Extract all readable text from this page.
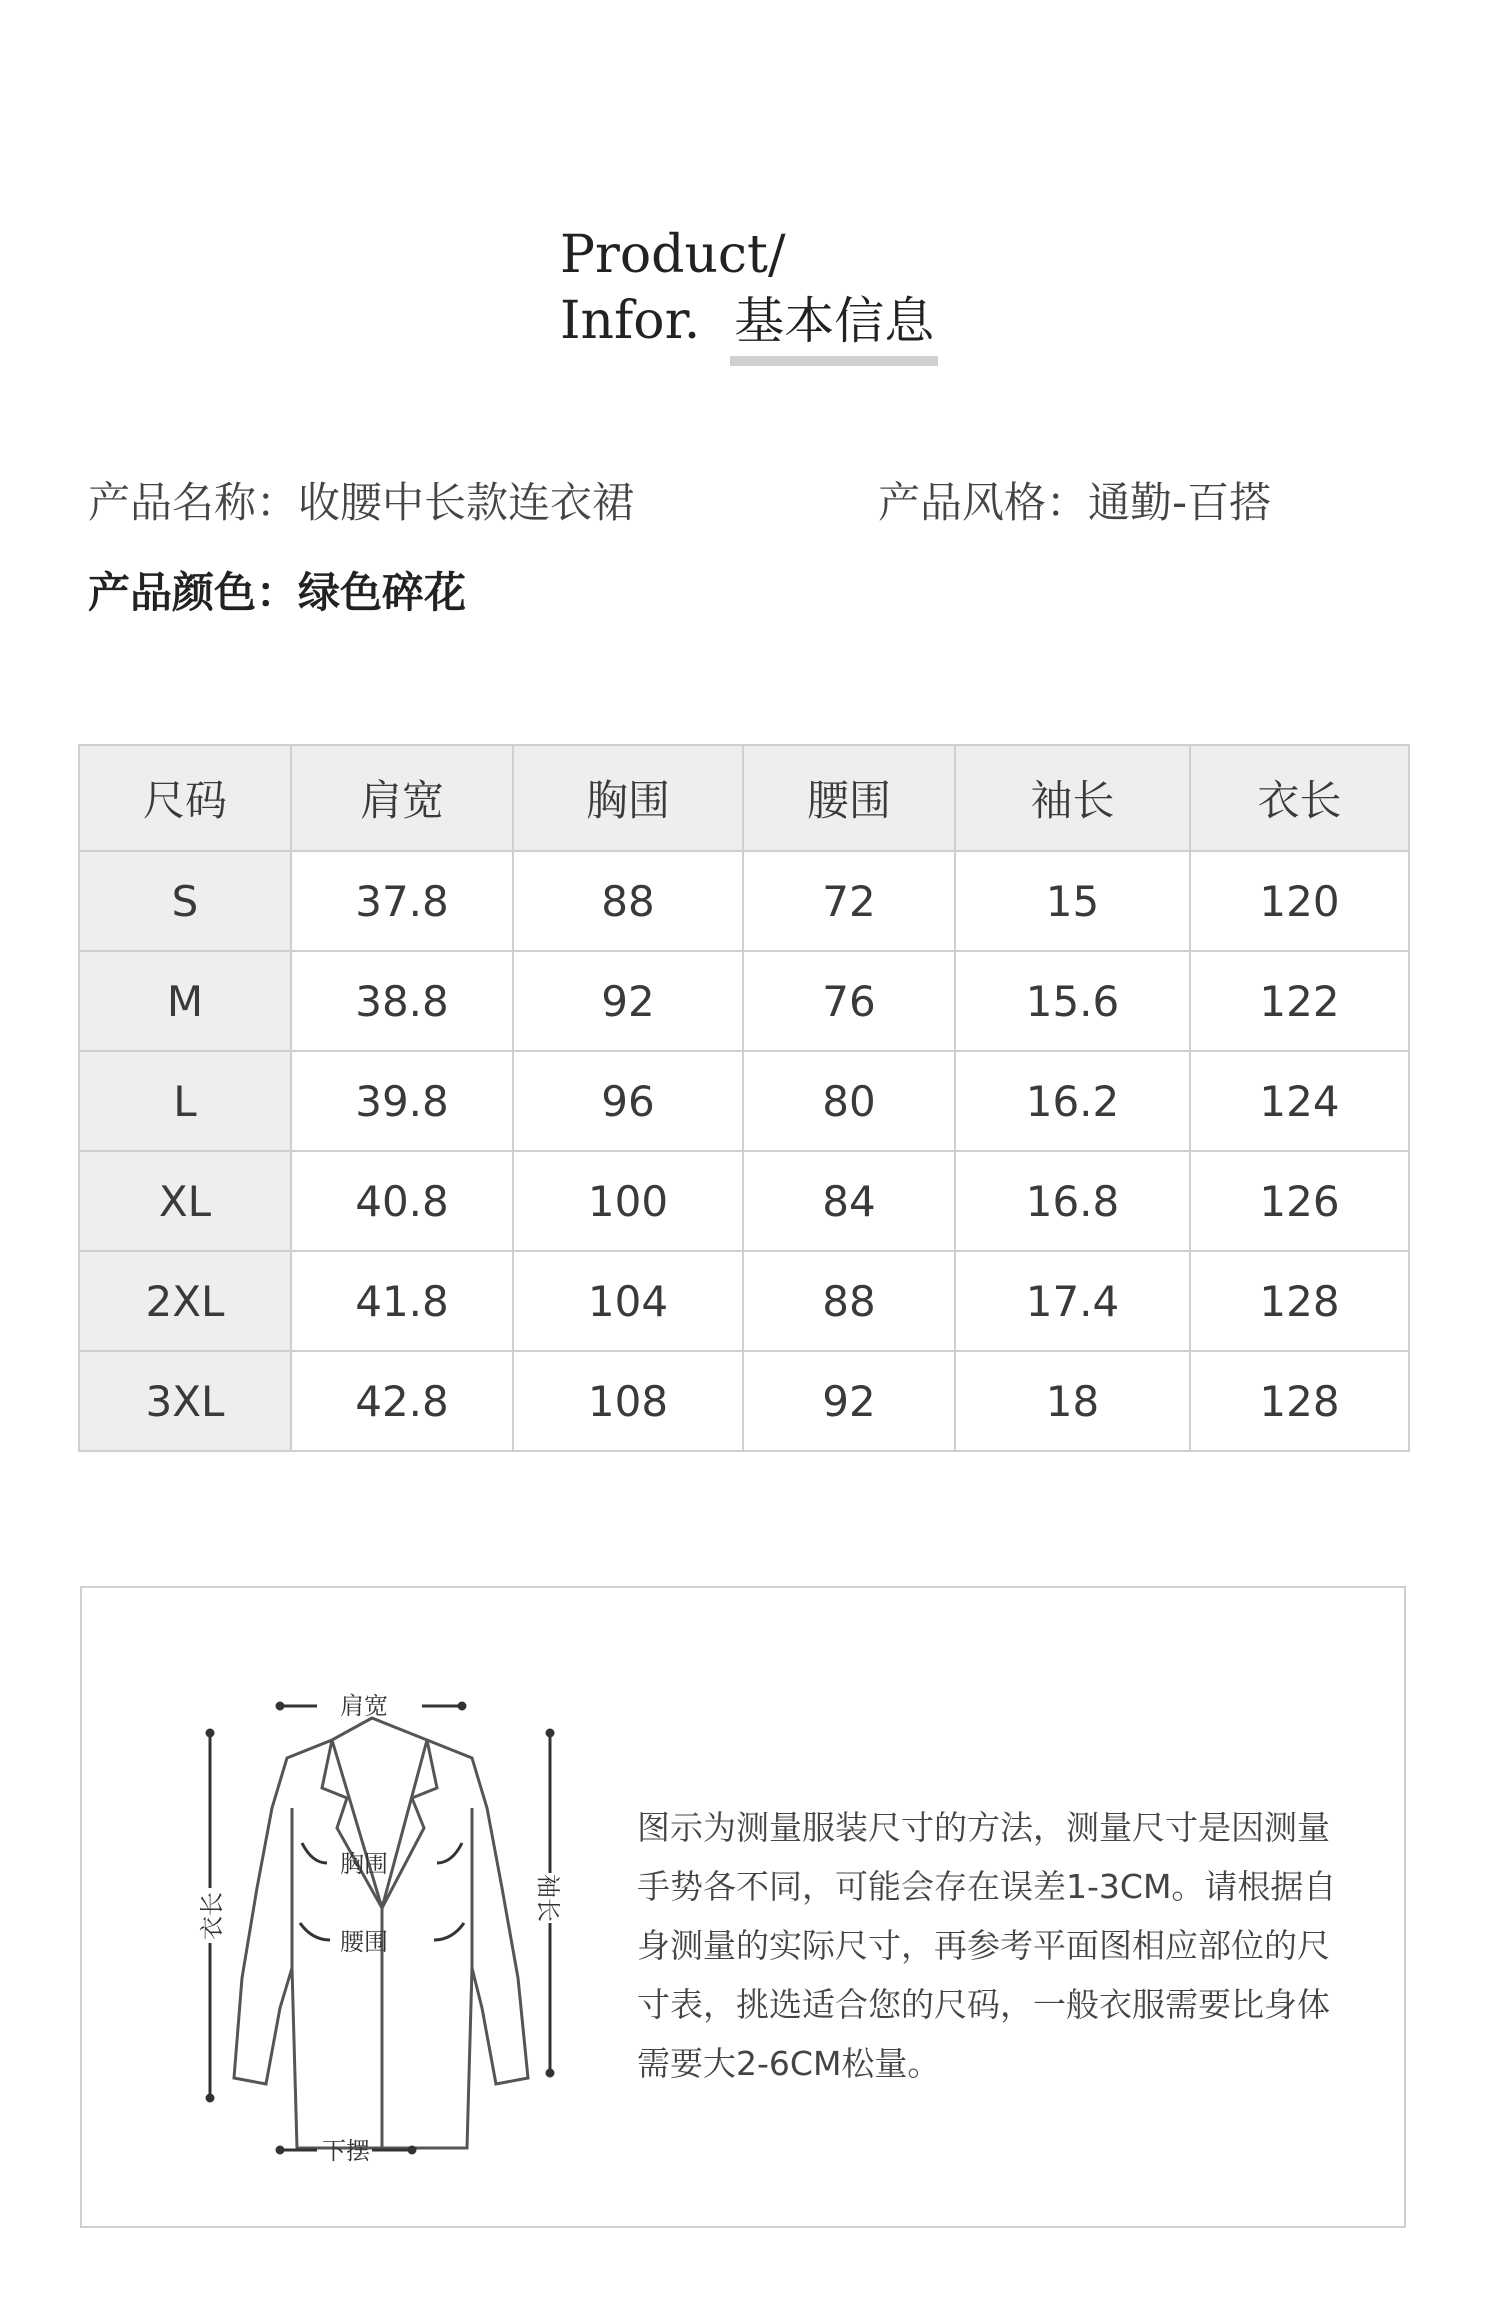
Product/
Infor. 基本信息
产品名称：收腰中长款连衣裙	产品风格：通勤-百搭
产品颜色：绿色碎花
尺码	肩宽	胸围	腰围	袖长	衣长
S	37.8	88	72	15	120
M	38.8	92	76	15.6	122
L	39.8	96	80	16.2	124
XL	40.8	100	84	16.8	126
2XL	41.8	104	88	17.4	128
3XL	42.8	108	92	18	128
肩宽
胸围
腰围
下摆
衣长	袖长
图示为测量服装尺寸的方法，测量尺寸是因测量手势各不同，可能会存在误差1-3CM。请根据自身测量的实际尺寸，再参考平面图相应部位的尺寸表，挑选适合您的尺码，一般衣服需要比身体需要大2-6CM松量。
